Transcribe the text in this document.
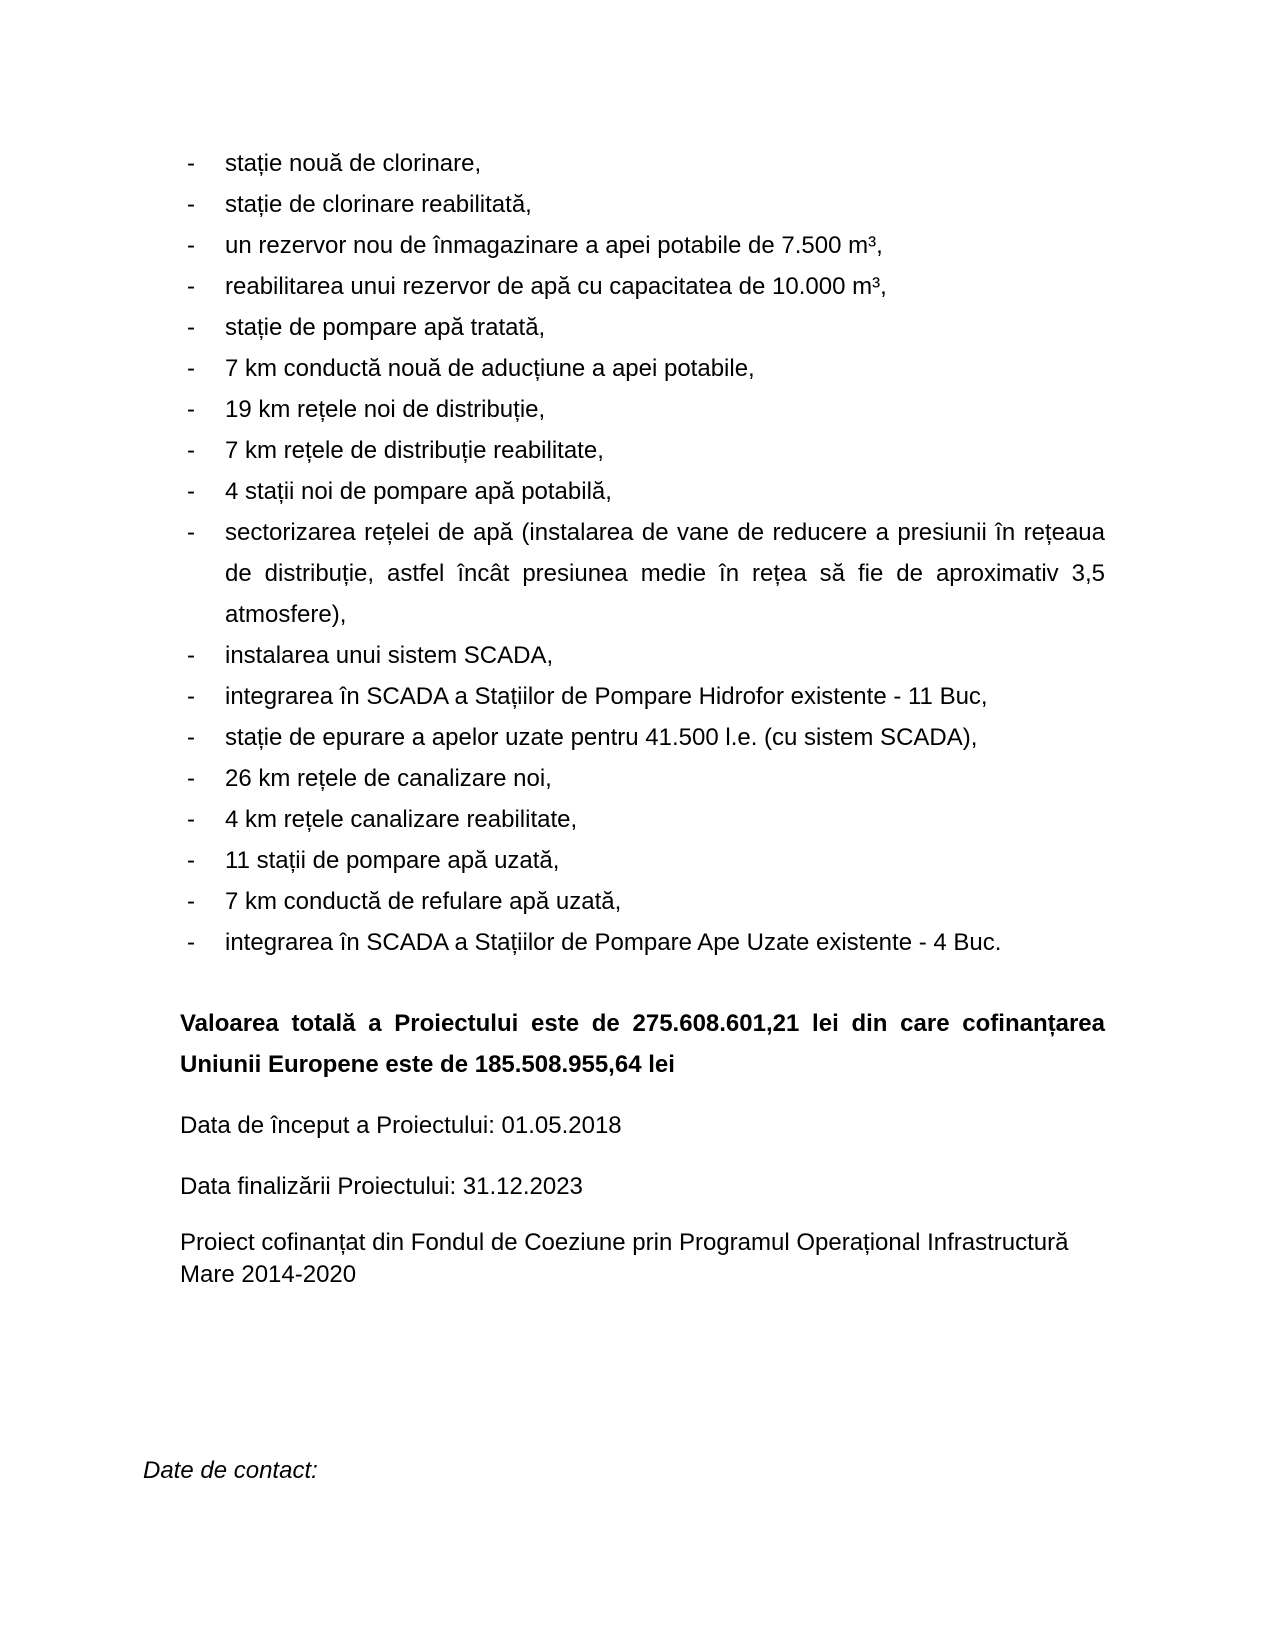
-	stație nouă de clorinare,
-	stație de clorinare reabilitată,
-	un rezervor nou de înmagazinare a apei potabile de 7.500 m³,
-	reabilitarea unui rezervor de apă cu capacitatea de 10.000 m³,
-	stație de pompare apă tratată,
-	7 km conductă nouă de aducțiune a apei potabile,
-	19 km rețele noi de distribuție,
-	7 km rețele de distribuție reabilitate,
-	4 stații noi de pompare apă potabilă,
-	sectorizarea rețelei de apă (instalarea de vane de reducere a presiunii în rețeaua de distribuție, astfel încât presiunea medie în rețea să fie de aproximativ 3,5 atmosfere),
-	instalarea unui sistem SCADA,
-	integrarea în SCADA a Stațiilor de Pompare Hidrofor existente - 11 Buc,
-	stație de epurare a apelor uzate pentru 41.500 l.e. (cu sistem SCADA),
-	26 km rețele de canalizare noi,
-	4 km rețele canalizare reabilitate,
-	11 stații de pompare apă uzată,
-	7 km conductă de refulare apă uzată,
-	integrarea în SCADA a Stațiilor de Pompare Ape Uzate existente - 4 Buc.

Valoarea totală a Proiectului este de 275.608.601,21 lei din care cofinanțarea Uniunii Europene este de 185.508.955,64 lei

Data de început a Proiectului: 01.05.2018

Data finalizării Proiectului: 31.12.2023

Proiect cofinanțat din Fondul de Coeziune prin Programul Operațional Infrastructură Mare 2014-2020

Date de contact:
